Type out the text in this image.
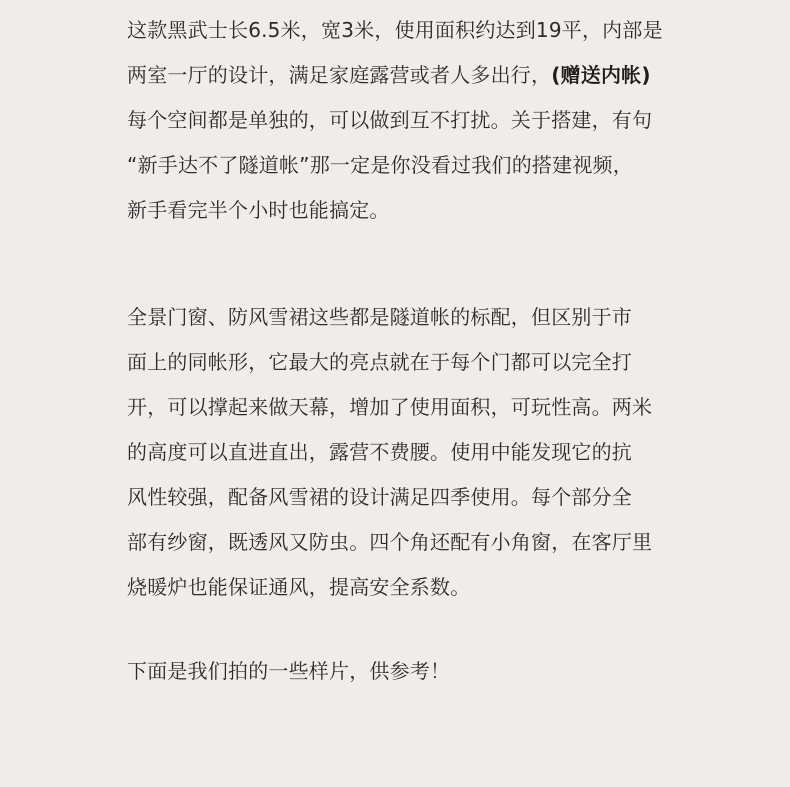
这款黑武士长6.5米，宽3米，使用面积约达到19平，内部是
两室一厅的设计，满足家庭露营或者人多出行，(赠送内帐)
每个空间都是单独的，可以做到互不打扰。关于搭建，有句
“新手达不了隧道帐”那一定是你没看过我们的搭建视频，
新手看完半个小时也能搞定。
全景门窗、防风雪裙这些都是隧道帐的标配，但区别于市
面上的同帐形，它最大的亮点就在于每个门都可以完全打
开，可以撑起来做天幕，增加了使用面积，可玩性高。两米
的高度可以直进直出，露营不费腰。使用中能发现它的抗
风性较强，配备风雪裙的设计满足四季使用。每个部分全
部有纱窗，既透风又防虫。四个角还配有小角窗，在客厅里
烧暖炉也能保证通风，提高安全系数。
下面是我们拍的一些样片，供参考！
